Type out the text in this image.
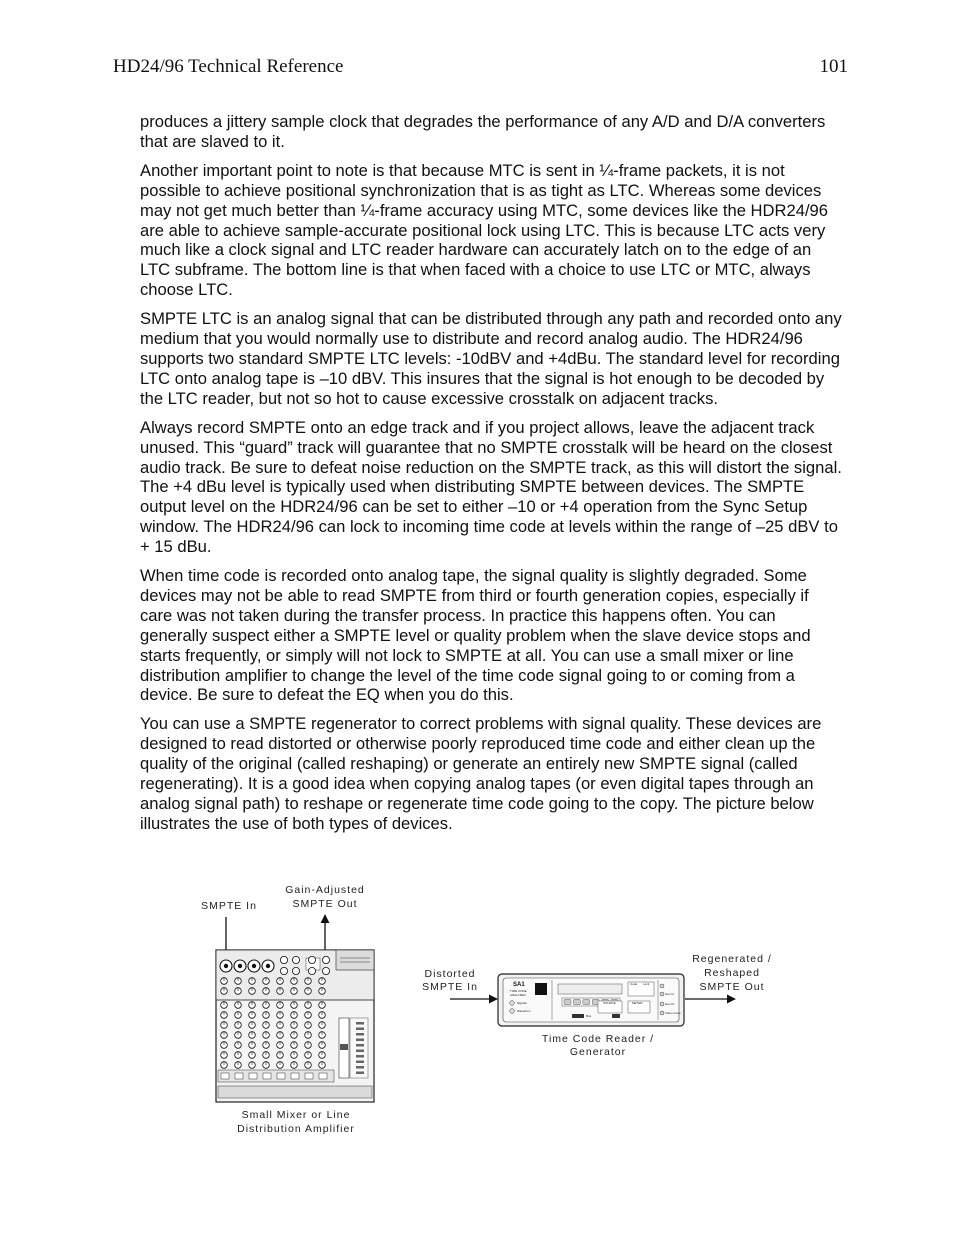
HD24/96 Technical Reference	101

produces a jittery sample clock that degrades the performance of any A/D and D/A converters that are slaved to it.

Another important point to note is that because MTC is sent in ¼-frame packets, it is not possible to achieve positional synchronization that is as tight as LTC. Whereas some devices may not get much better than ¼-frame accuracy using MTC, some devices like the HDR24/96 are able to achieve sample-accurate positional lock using LTC. This is because LTC acts very much like a clock signal and LTC reader hardware can accurately latch on to the edge of an LTC subframe. The bottom line is that when faced with a choice to use LTC or MTC, always choose LTC.

SMPTE LTC is an analog signal that can be distributed through any path and recorded onto any medium that you would normally use to distribute and record analog audio. The HDR24/96 supports two standard SMPTE LTC levels: -10dBV and +4dBu. The standard level for recording LTC onto analog tape is –10 dBV. This insures that the signal is hot enough to be decoded by the LTC reader, but not so hot to cause excessive crosstalk on adjacent tracks.

Always record SMPTE onto an edge track and if you project allows, leave the adjacent track unused. This “guard” track will guarantee that no SMPTE crosstalk will be heard on the closest audio track. Be sure to defeat noise reduction on the SMPTE track, as this will distort the signal. The +4 dBu level is typically used when distributing SMPTE between devices. The SMPTE output level on the HDR24/96 can be set to either –10 or +4 operation from the Sync Setup window. The HDR24/96 can lock to incoming time code at levels within the range of –25 dBV to + 15 dBu.

When time code is recorded onto analog tape, the signal quality is slightly degraded. Some devices may not be able to read SMPTE from third or fourth generation copies, especially if care was not taken during the transfer process. In practice this happens often. You can generally suspect either a SMPTE level or quality problem when the slave device stops and starts frequently, or simply will not lock to SMPTE at all. You can use a small mixer or line distribution amplifier to change the level of the time code signal going to or coming from a device. Be sure to defeat the EQ when you do this.

You can use a SMPTE regenerator to correct problems with signal quality. These devices are designed to read distorted or otherwise poorly reproduced time code and either clean up the quality of the original (called reshaping) or generate an entirely new SMPTE signal (called regenerating). It is a good idea when copying analog tapes (or even digital tapes through an analog signal path) to reshape or regenerate time code going to the copy. The picture below illustrates the use of both types of devices.

SMPTE In
Gain-Adjusted
SMPTE Out
Small Mixer or Line
Distribution Amplifier
Distorted
SMPTE In
Time Code Reader /
Generator
Regenerated /
Reshaped
SMPTE Out
SA1
TIME CODE
ANALYZER
Signals
Waveform
SOURCE	METER
Code Lock
Gen In
Gen Pr
Video Code
Bus
